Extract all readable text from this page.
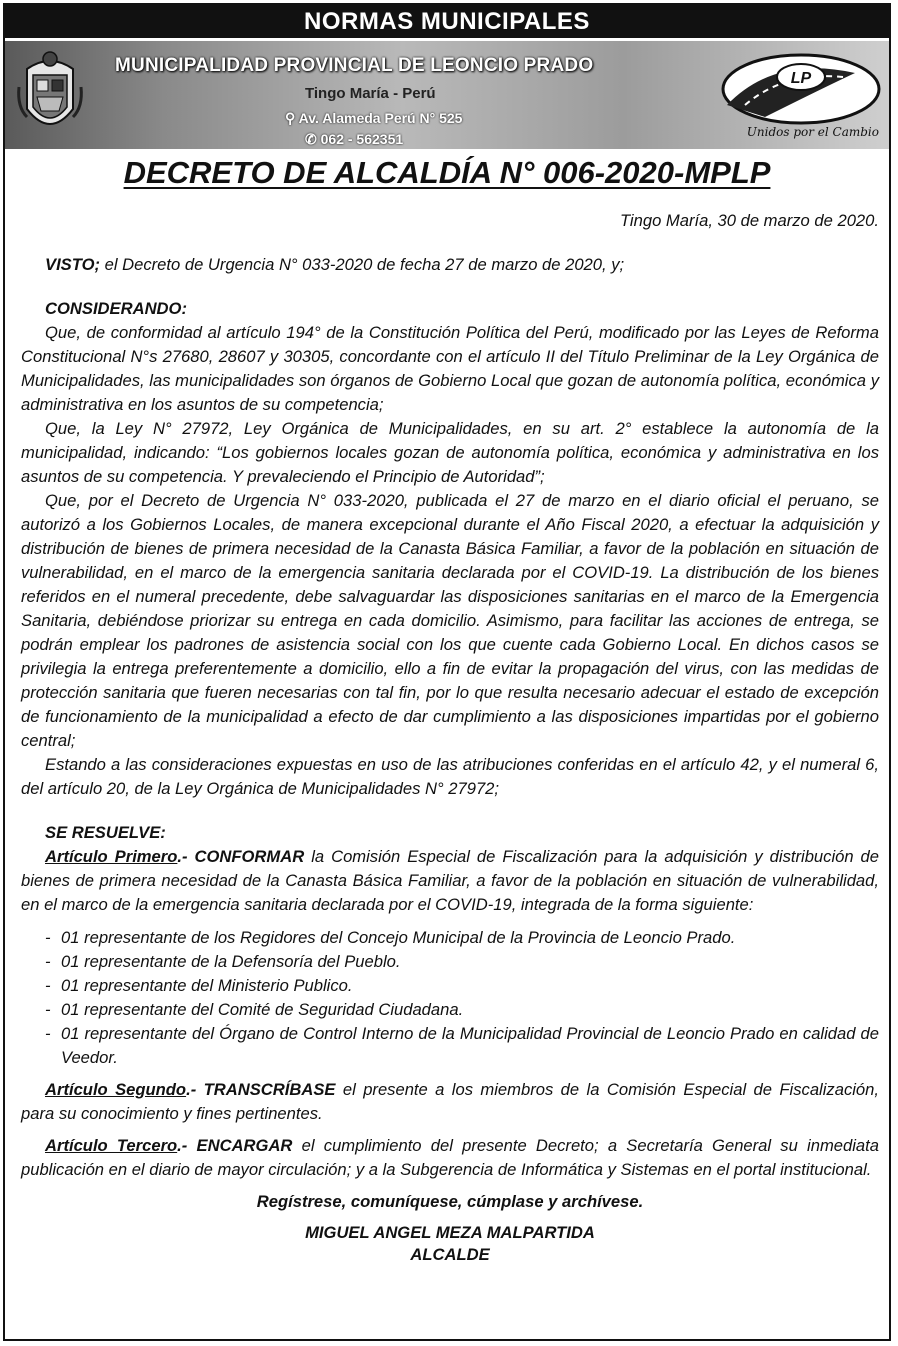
NORMAS MUNICIPALES
MUNICIPALIDAD PROVINCIAL DE LEONCIO PRADO
Tingo María - Perú
⚲ Av. Alameda Perú N° 525
✆ 062 - 562351
LP
Unidos por el Cambio
DECRETO DE ALCALDÍA N° 006-2020-MPLP

Tingo María, 30 de marzo de 2020.

VISTO; el Decreto de Urgencia N° 033-2020 de fecha 27 de marzo de 2020, y;

CONSIDERANDO:

Que, de conformidad al artículo 194° de la Constitución Política del Perú, modificado por las Leyes de Reforma Constitucional N°s 27680, 28607 y 30305, concordante con el artículo II del Título Preliminar de la Ley Orgánica de Municipalidades, las municipalidades son órganos de Gobierno Local que gozan de autonomía política, económica y administrativa en los asuntos de su competencia;

Que, la Ley N° 27972, Ley Orgánica de Municipalidades, en su art. 2° establece la autonomía de la municipalidad, indicando: “Los gobiernos locales gozan de autonomía política, económica y administrativa en los asuntos de su competencia. Y prevaleciendo el Principio de Autoridad”;

Que, por el Decreto de Urgencia N° 033-2020, publicada el 27 de marzo en el diario oficial el peruano, se autorizó a los Gobiernos Locales, de manera excepcional durante el Año Fiscal 2020, a efectuar la adquisición y distribución de bienes de primera necesidad de la Canasta Básica Familiar, a favor de la población en situación de vulnerabilidad, en el marco de la emergencia sanitaria declarada por el COVID-19. La distribución de los bienes referidos en el numeral precedente, debe salvaguardar las disposiciones sanitarias en el marco de la Emergencia Sanitaria, debiéndose priorizar su entrega en cada domicilio. Asimismo, para facilitar las acciones de entrega, se podrán emplear los padrones de asistencia social con los que cuente cada Gobierno Local. En dichos casos se privilegia la entrega preferentemente a domicilio, ello a fin de evitar la propagación del virus, con las medidas de protección sanitaria que fueren necesarias con tal fin, por lo que resulta necesario adecuar el estado de excepción de funcionamiento de la municipalidad a efecto de dar cumplimiento a las disposiciones impartidas por el gobierno central;

Estando a las consideraciones expuestas en uso de las atribuciones conferidas en el artículo 42, y el numeral 6, del artículo 20, de la Ley Orgánica de Municipalidades N° 27972;

SE RESUELVE:

Artículo Primero.- CONFORMAR la Comisión Especial de Fiscalización para la adquisición y distribución de bienes de primera necesidad de la Canasta Básica Familiar, a favor de la población en situación de vulnerabilidad, en el marco de la emergencia sanitaria declarada por el COVID-19, integrada de la forma siguiente:

- 01 representante de los Regidores del Concejo Municipal de la Provincia de Leoncio Prado.
- 01 representante de la Defensoría del Pueblo.
- 01 representante del Ministerio Publico.
- 01 representante del Comité de Seguridad Ciudadana.
- 01 representante del Órgano de Control Interno de la Municipalidad Provincial de Leoncio Prado en calidad de Veedor.

Artículo Segundo.- TRANSCRÍBASE el presente a los miembros de la Comisión Especial de Fiscalización, para su conocimiento y fines pertinentes.

Artículo Tercero.- ENCARGAR el cumplimiento del presente Decreto; a Secretaría General su inmediata publicación en el diario de mayor circulación; y a la Subgerencia de Informática y Sistemas en el portal institucional.

Regístrese, comuníquese, cúmplase y archívese.

MIGUEL ANGEL MEZA MALPARTIDA

ALCALDE
